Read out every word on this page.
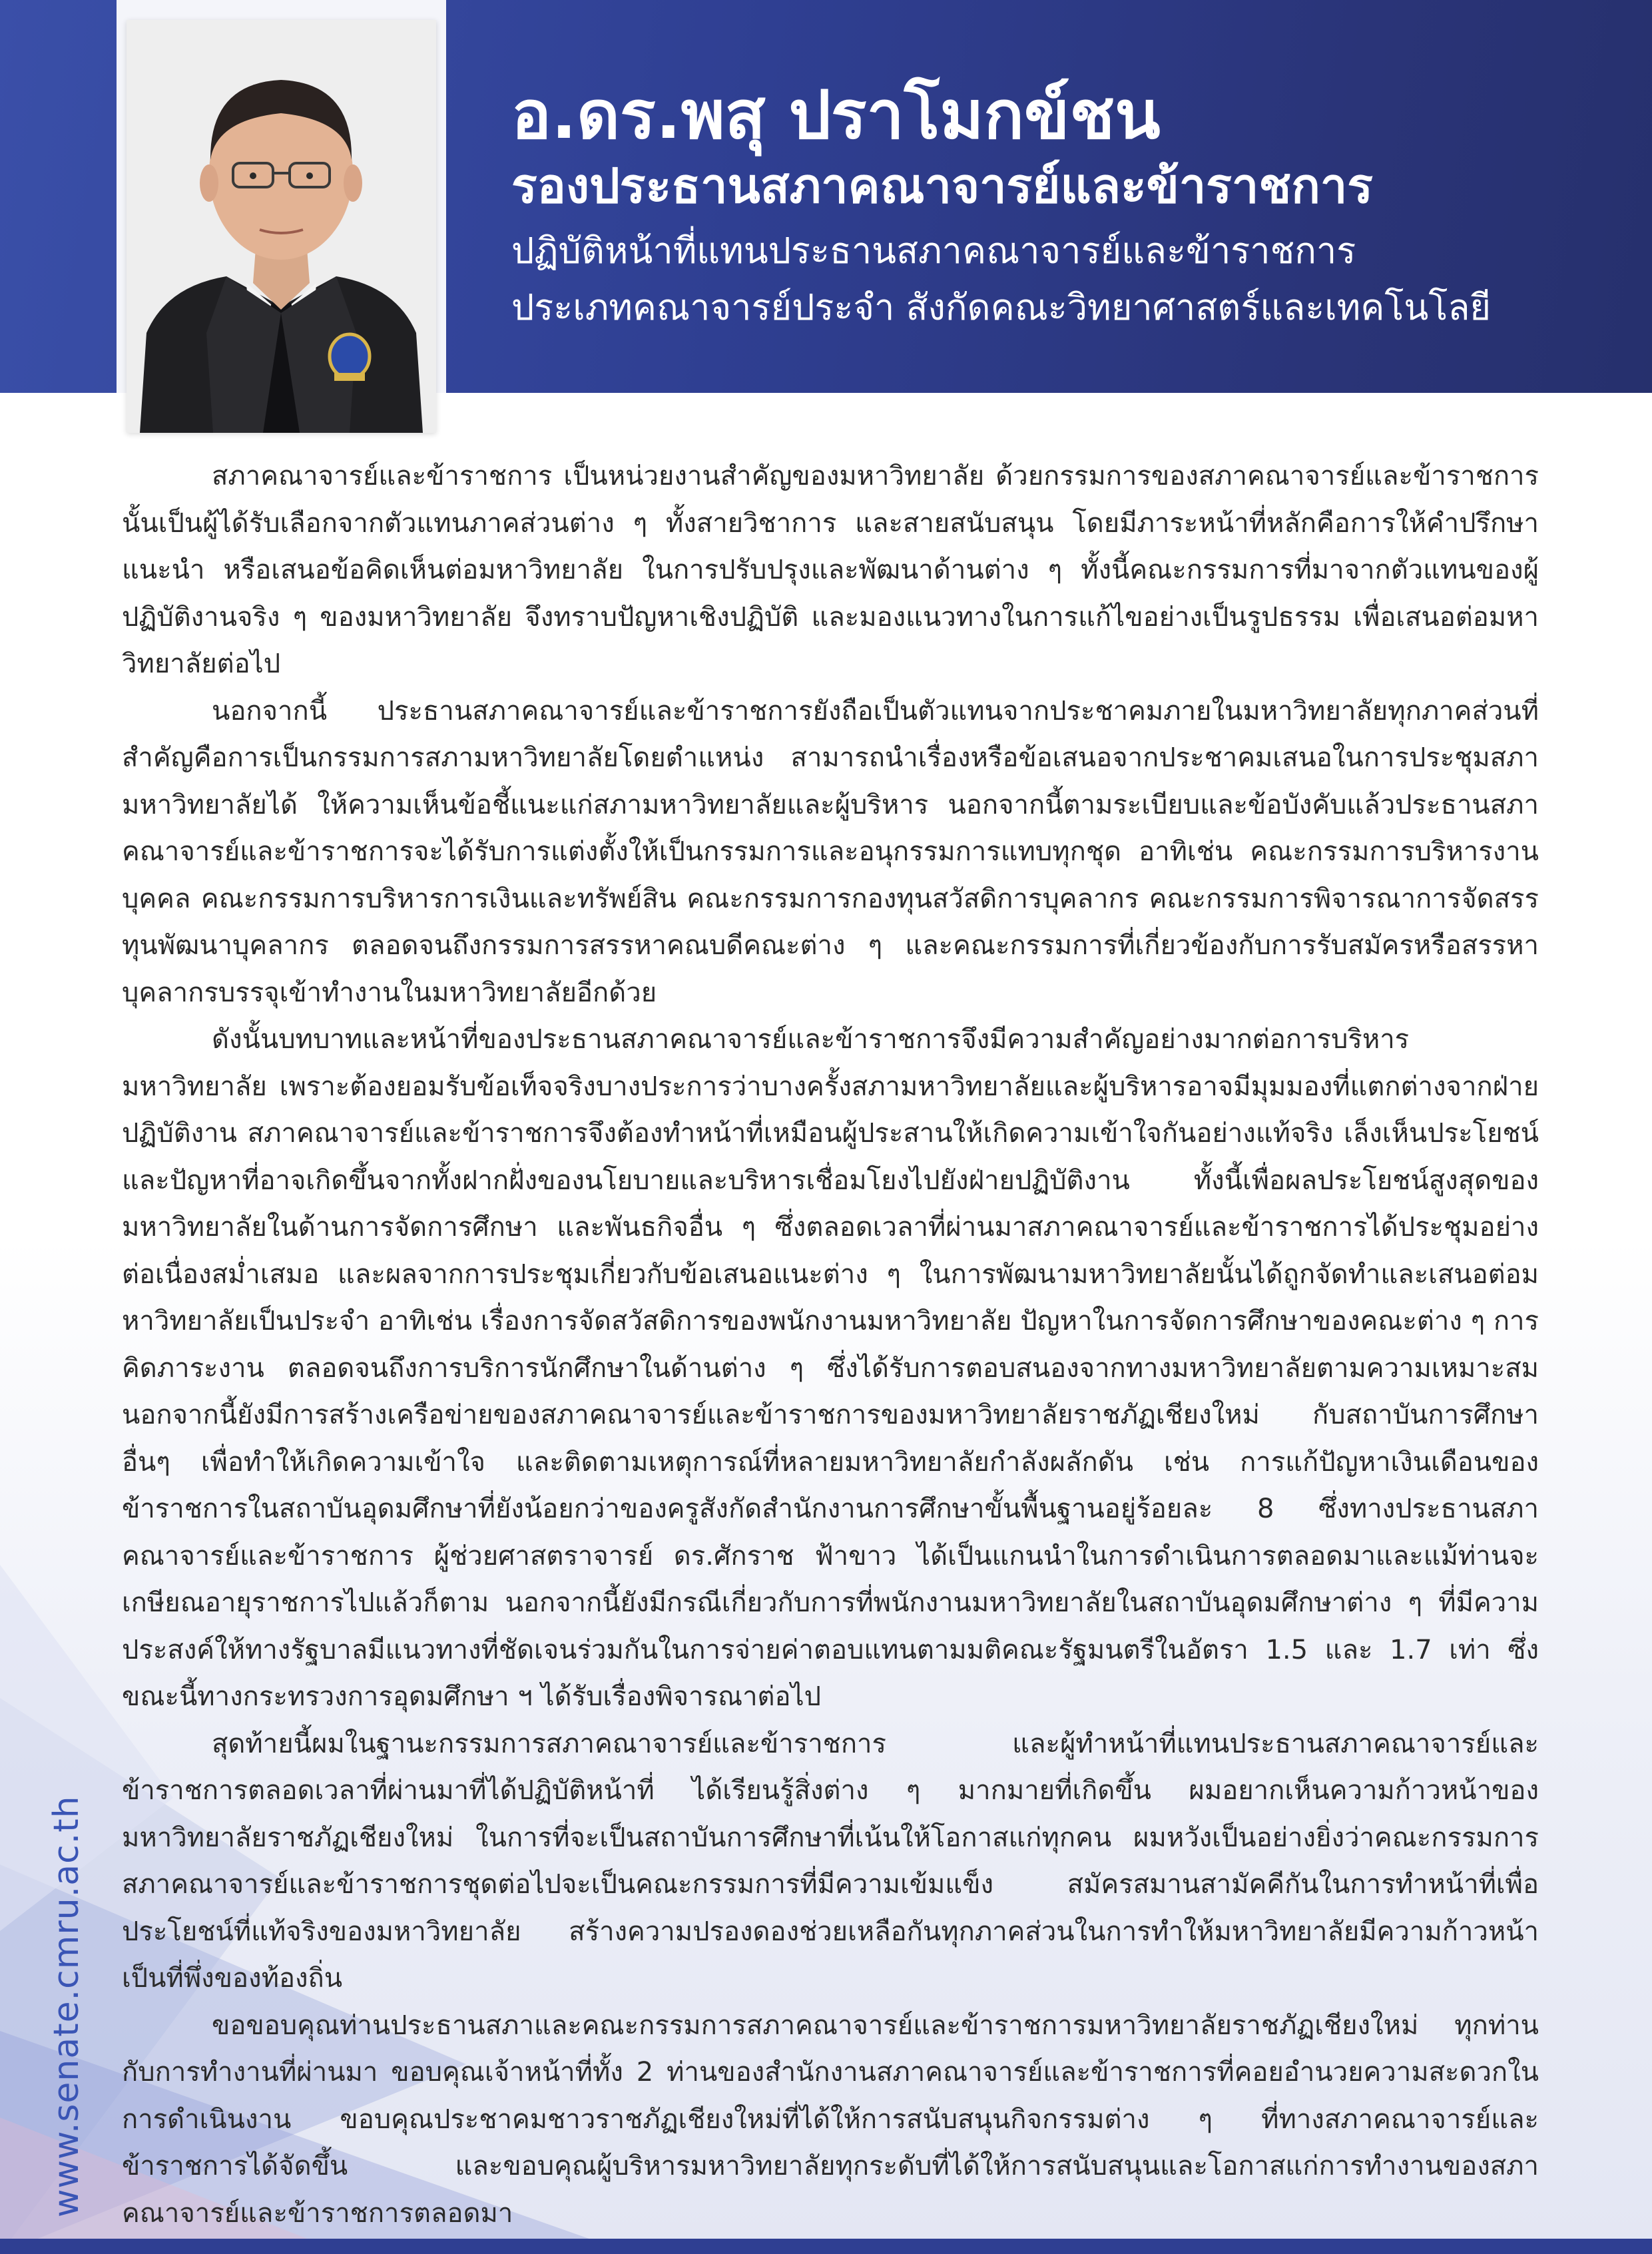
อ.ดร.พสุ ปราโมกข์ชน
รองประธานสภาคณาจารย์และข้าราชการ
ปฏิบัติหน้าที่แทนประธานสภาคณาจารย์และข้าราชการ
ประเภทคณาจารย์ประจำ สังกัดคณะวิทยาศาสตร์และเทคโนโลยี

สภาคณาจารย์และข้าราชการ เป็นหน่วยงานสำคัญของมหาวิทยาลัย ด้วยกรรมการของสภาคณาจารย์และข้าราชการนั้นเป็นผู้ได้รับเลือกจากตัวแทนภาคส่วนต่าง ๆ ทั้งสายวิชาการ และสายสนับสนุน โดยมีภาระหน้าที่หลักคือการให้คำปรึกษา แนะนำ หรือเสนอข้อคิดเห็นต่อมหาวิทยาลัย ในการปรับปรุงและพัฒนาด้านต่าง ๆ ทั้งนี้คณะกรรมการที่มาจากตัวแทนของผู้ปฏิบัติงานจริง ๆ ของมหาวิทยาลัย จึงทราบปัญหาเชิงปฏิบัติ และมองแนวทางในการแก้ไขอย่างเป็นรูปธรรม เพื่อเสนอต่อมหาวิทยาลัยต่อไป

นอกจากนี้ ประธานสภาคณาจารย์และข้าราชการยังถือเป็นตัวแทนจากประชาคมภายในมหาวิทยาลัยทุกภาคส่วนที่สำคัญคือการเป็นกรรมการสภามหาวิทยาลัยโดยตำแหน่ง สามารถนำเรื่องหรือข้อเสนอจากประชาคมเสนอในการประชุมสภามหาวิทยาลัยได้ ให้ความเห็นข้อชี้แนะแก่สภามหาวิทยาลัยและผู้บริหาร นอกจากนี้ตามระเบียบและข้อบังคับแล้วประธานสภาคณาจารย์และข้าราชการจะได้รับการแต่งตั้งให้เป็นกรรมการและอนุกรรมการแทบทุกชุด อาทิเช่น คณะกรรมการบริหารงานบุคคล คณะกรรมการบริหารการเงินและทรัพย์สิน คณะกรรมการกองทุนสวัสดิการบุคลากร คณะกรรมการพิจารณาการจัดสรรทุนพัฒนาบุคลากร ตลอดจนถึงกรรมการสรรหาคณบดีคณะต่าง ๆ และคณะกรรมการที่เกี่ยวข้องกับการรับสมัครหรือสรรหาบุคลากรบรรจุเข้าทำงานในมหาวิทยาลัยอีกด้วย

ดังนั้นบทบาทและหน้าที่ของประธานสภาคณาจารย์และข้าราชการจึงมีความสำคัญอย่างมากต่อการบริหารมหาวิทยาลัย เพราะต้องยอมรับข้อเท็จจริงบางประการว่าบางครั้งสภามหาวิทยาลัยและผู้บริหารอาจมีมุมมองที่แตกต่างจากฝ่ายปฏิบัติงาน สภาคณาจารย์และข้าราชการจึงต้องทำหน้าที่เหมือนผู้ประสานให้เกิดความเข้าใจกันอย่างแท้จริง เล็งเห็นประโยชน์ และปัญหาที่อาจเกิดขึ้นจากทั้งฝากฝั่งของนโยบายและบริหารเชื่อมโยงไปยังฝ่ายปฏิบัติงาน ทั้งนี้เพื่อผลประโยชน์สูงสุดของมหาวิทยาลัยในด้านการจัดการศึกษา และพันธกิจอื่น ๆ ซึ่งตลอดเวลาที่ผ่านมาสภาคณาจารย์และข้าราชการได้ประชุมอย่างต่อเนื่องสม่ำเสมอ และผลจากการประชุมเกี่ยวกับข้อเสนอแนะต่าง ๆ ในการพัฒนามหาวิทยาลัยนั้นได้ถูกจัดทำและเสนอต่อมหาวิทยาลัยเป็นประจำ อาทิเช่น เรื่องการจัดสวัสดิการของพนักงานมหาวิทยาลัย ปัญหาในการจัดการศึกษาของคณะต่าง ๆ การคิดภาระงาน ตลอดจนถึงการบริการนักศึกษาในด้านต่าง ๆ ซึ่งได้รับการตอบสนองจากทางมหาวิทยาลัยตามความเหมาะสม นอกจากนี้ยังมีการสร้างเครือข่ายของสภาคณาจารย์และข้าราชการของมหาวิทยาลัยราชภัฏเชียงใหม่ กับสถาบันการศึกษาอื่นๆ เพื่อทำให้เกิดความเข้าใจ และติดตามเหตุการณ์ที่หลายมหาวิทยาลัยกำลังผลักดัน เช่น การแก้ปัญหาเงินเดือนของข้าราชการในสถาบันอุดมศึกษาที่ยังน้อยกว่าของครูสังกัดสำนักงานการศึกษาขั้นพื้นฐานอยู่ร้อยละ 8 ซึ่งทางประธานสภาคณาจารย์และข้าราชการ ผู้ช่วยศาสตราจารย์ ดร.ศักราช ฟ้าขาว ได้เป็นแกนนำในการดำเนินการตลอดมาและแม้ท่านจะเกษียณอายุราชการไปแล้วก็ตาม นอกจากนี้ยังมีกรณีเกี่ยวกับการที่พนักงานมหาวิทยาลัยในสถาบันอุดมศึกษาต่าง ๆ ที่มีความประสงค์ให้ทางรัฐบาลมีแนวทางที่ชัดเจนร่วมกันในการจ่ายค่าตอบแทนตามมติคณะรัฐมนตรีในอัตรา 1.5 และ 1.7 เท่า ซึ่งขณะนี้ทางกระทรวงการอุดมศึกษา ฯ ได้รับเรื่องพิจารณาต่อไป

สุดท้ายนี้ผมในฐานะกรรมการสภาคณาจารย์และข้าราชการ และผู้ทำหน้าที่แทนประธานสภาคณาจารย์และข้าราชการตลอดเวลาที่ผ่านมาที่ได้ปฏิบัติหน้าที่ ได้เรียนรู้สิ่งต่าง ๆ มากมายที่เกิดขึ้น ผมอยากเห็นความก้าวหน้าของมหาวิทยาลัยราชภัฏเชียงใหม่ ในการที่จะเป็นสถาบันการศึกษาที่เน้นให้โอกาสแก่ทุกคน ผมหวังเป็นอย่างยิ่งว่าคณะกรรมการสภาคณาจารย์และข้าราชการชุดต่อไปจะเป็นคณะกรรมการที่มีความเข้มแข็ง สมัครสมานสามัคคีกันในการทำหน้าที่เพื่อประโยชน์ที่แท้จริงของมหาวิทยาลัย สร้างความปรองดองช่วยเหลือกันทุกภาคส่วนในการทำให้มหาวิทยาลัยมีความก้าวหน้า เป็นที่พึ่งของท้องถิ่น

ขอขอบคุณท่านประธานสภาและคณะกรรมการสภาคณาจารย์และข้าราชการมหาวิทยาลัยราชภัฏเชียงใหม่ ทุกท่านกับการทำงานที่ผ่านมา ขอบคุณเจ้าหน้าที่ทั้ง 2 ท่านของสำนักงานสภาคณาจารย์และข้าราชการที่คอยอำนวยความสะดวกในการดำเนินงาน ขอบคุณประชาคมชาวราชภัฏเชียงใหม่ที่ได้ให้การสนับสนุนกิจกรรมต่าง ๆ ที่ทางสภาคณาจารย์และข้าราชการได้จัดขึ้น และขอบคุณผู้บริหารมหาวิทยาลัยทุกระดับที่ได้ให้การสนับสนุนและโอกาสแก่การทำงานของสภาคณาจารย์และข้าราชการตลอดมา

www.senate.cmru.ac.th
